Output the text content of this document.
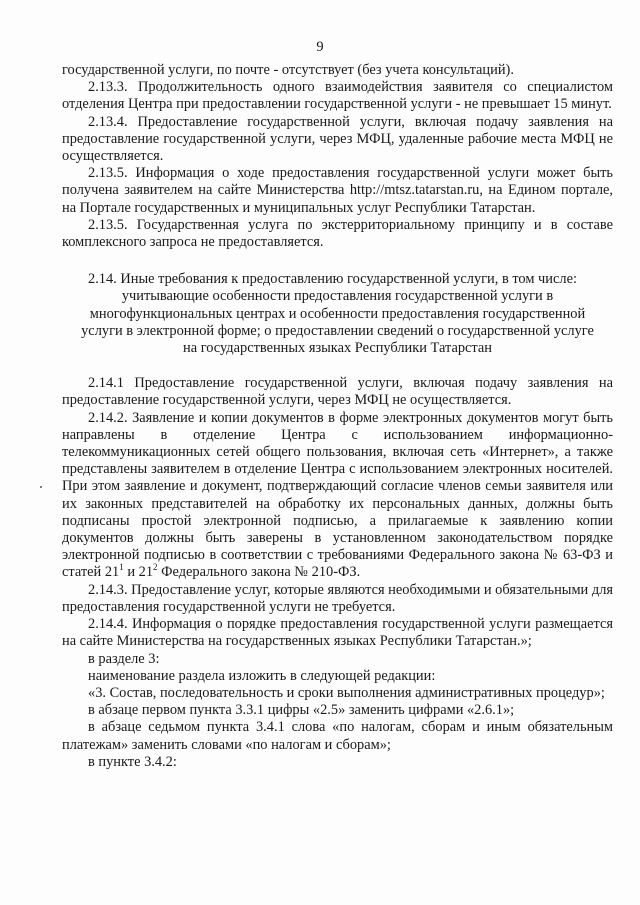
9

государственной услуги, по почте - отсутствует (без учета консультаций).

2.13.3. Продолжительность одного взаимодействия заявителя со специалистом отделения Центра при предоставлении государственной услуги - не превышает 15 минут.

2.13.4. Предоставление государственной услуги, включая подачу заявления на предоставление государственной услуги, через МФЦ, удаленные рабочие места МФЦ не осуществляется.

2.13.5. Информация о ходе предоставления государственной услуги может быть получена заявителем на сайте Министерства http://mtsz.tatarstan.ru, на Едином портале, на Портале государственных и муниципальных услуг Республики Татарстан.

2.13.5. Государственная услуга по экстерриториальному принципу и в составе комплексного запроса не предоставляется.

2.14. Иные требования к предоставлению государственной услуги, в том числе:
учитывающие особенности предоставления государственной услуги в
многофункциональных центрах и особенности предоставления государственной
услуги в электронной форме; о предоставлении сведений о государственной услуге
на государственных языках Республики Татарстан

2.14.1 Предоставление государственной услуги, включая подачу заявления на предоставление государственной услуги, через МФЦ не осуществляется.

2.14.2. Заявление и копии документов в форме электронных документов могут быть направлены в отделение Центра с использованием информационно-телекоммуникационных сетей общего пользования, включая сеть «Интернет», а также представлены заявителем в отделение Центра с использованием электронных носителей. При этом заявление и документ, подтверждающий согласие членов семьи заявителя или их законных представителей на обработку их персональных данных, должны быть подписаны простой электронной подписью, а прилагаемые к заявлению копии документов должны быть заверены в установленном законодательством порядке электронной подписью в соответствии с требованиями Федерального закона № 63-ФЗ и статей $21^1$ и $21^2$ Федерального закона № 210-ФЗ.

2.14.3. Предоставление услуг, которые являются необходимыми и обязательными для предоставления государственной услуги не требуется.

2.14.4. Информация о порядке предоставления государственной услуги размещается на сайте Министерства на государственных языках Республики Татарстан.»;

в разделе 3:

наименование раздела изложить в следующей редакции:

«3. Состав, последовательность и сроки выполнения административных процедур»;

в абзаце первом пункта 3.3.1 цифры «2.5» заменить цифрами «2.6.1»;

в абзаце седьмом пункта 3.4.1 слова «по налогам, сборам и иным обязательным платежам» заменить словами «по налогам и сборам»;

в пункте 3.4.2:
